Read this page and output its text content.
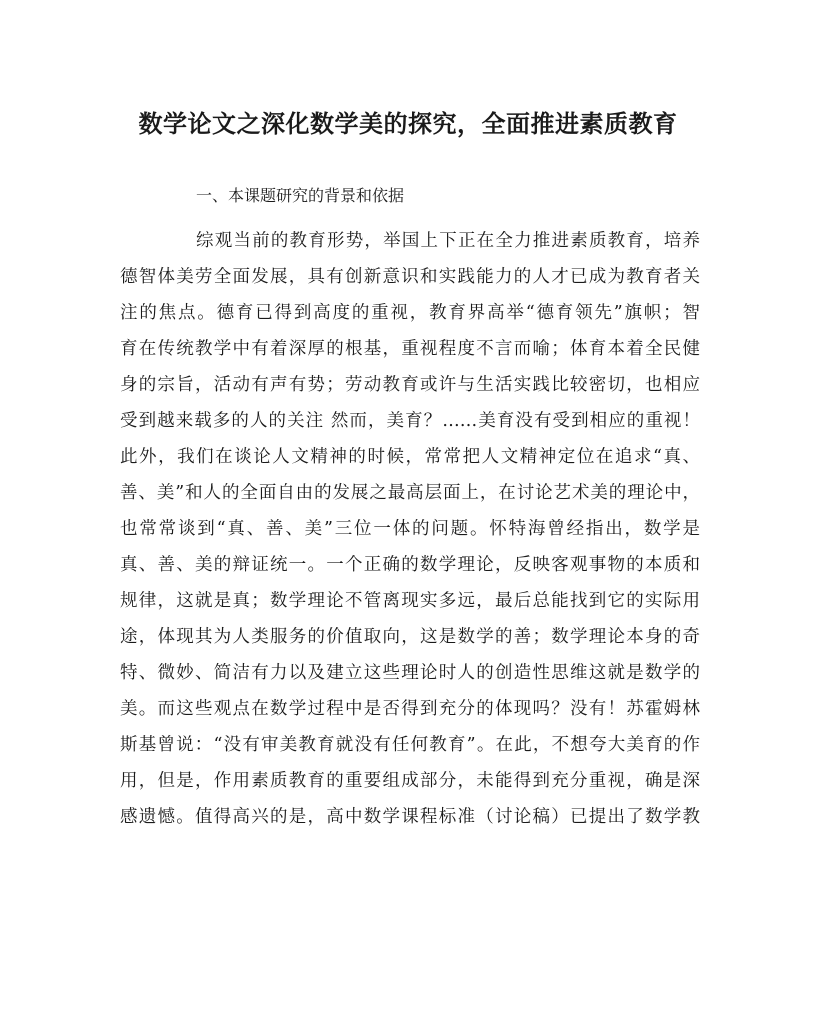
数学论文之深化数学美的探究，全面推进素质教育
一、本课题研究的背景和依据
综观当前的教育形势，举国上下正在全力推进素质教育，培养
德智体美劳全面发展，具有创新意识和实践能力的人才已成为教育者关
注的焦点。德育已得到高度的重视，教育界高举“德育领先”旗帜；智
育在传统教学中有着深厚的根基，重视程度不言而喻；体育本着全民健
身的宗旨，活动有声有势；劳动教育或许与生活实践比较密切，也相应
受到越来载多的人的关注 然而，美育？……美育没有受到相应的重视！
此外，我们在谈论人文精神的时候，常常把人文精神定位在追求“真、
善、美”和人的全面自由的发展之最高层面上，在讨论艺术美的理论中，
也常常谈到“真、善、美”三位一体的问题。怀特海曾经指出，数学是
真、善、美的辩证统一。一个正确的数学理论，反映客观事物的本质和
规律，这就是真；数学理论不管离现实多远，最后总能找到它的实际用
途，体现其为人类服务的价值取向，这是数学的善；数学理论本身的奇
特、微妙、简洁有力以及建立这些理论时人的创造性思维这就是数学的
美。而这些观点在数学过程中是否得到充分的体现吗？没有！苏霍姆林
斯基曾说：“没有审美教育就没有任何教育”。在此，不想夸大美育的作
用，但是，作用素质教育的重要组成部分，未能得到充分重视，确是深
感遗憾。值得高兴的是，高中数学课程标准（讨论稿）已提出了数学教
